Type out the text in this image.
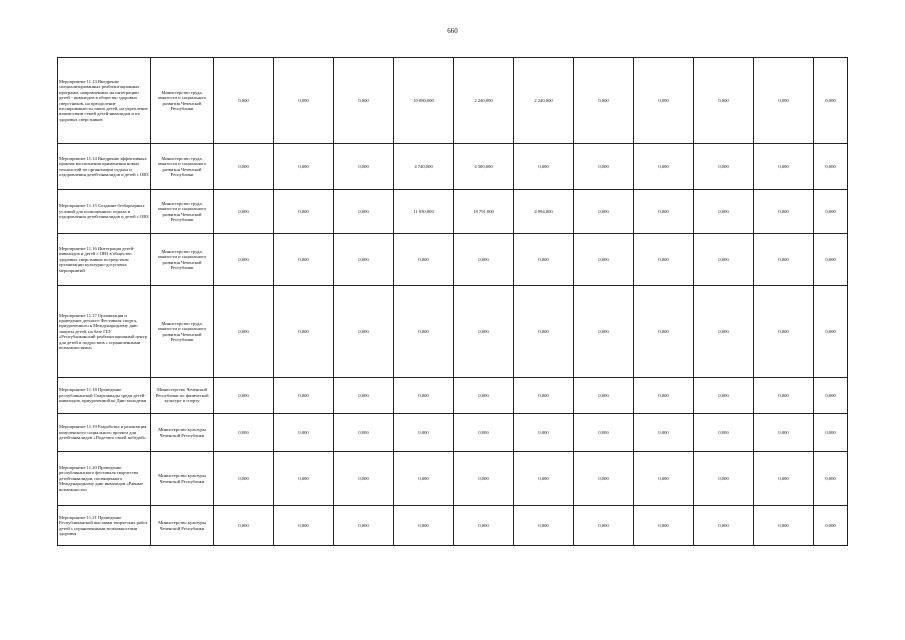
660
Мероприятие 11.13 Внедрение специализированных реабилитационных программ, направленных на интеграцию детей - инвалидов в общество здоровых сверстников, на преодоление изолированности таких детей, на укрепление взаимосвязи семей детей-инвалидов и их здоровых сверстников	Министерство труда, занятости и социального развития Чеченской Республики	0,000	0,000	0,000	10 080,000	2 240,000	2 240,000	0,000	0,000	0,000	0,000	0,000
Мероприятие 11.14 Внедрение эффективных практик восполнения применения новых технологий по организации отдыха и оздоровления детей-инвалидов и детей с ОВЗ	Министерство труда, занятости и социального развития Чеченской Республики	0,000	0,000	0,000	4 740,000	4 500,000	0,000	0,000	0,000	0,000	0,000	0,000
Мероприятие 11.15 Создание безбарьерных условий для полноценного отдыха и оздоровления детей-инвалидов и детей с ОВЗ	Министерство труда, занятости и социального развития Чеченской Республики	0,000	0,000	0,000	11 830,000	18 791,000	4 094,000	0,000	0,000	0,000	0,000	0,000
Мероприятие 11.16 Интеграция детей-инвалидов и детей с ОВЗ в общество здоровых сверстников посредством организации культурно-досуговых мероприятий	Министерство труда, занятости и социального развития Чеченской Республики	0,000	0,000	0,000	0,000	0,000	0,000	0,000	0,000	0,000	0,000	0,000
Мероприятие 11.17 Организация и проведение детского Фестиваля спорта, приуроченного к Международному дню защиты детей, на базе ГБУ «Республиканский реабилитационный центр для детей и подростков с ограниченными возможностями»	Министерство труда, занятости и социального развития Чеченской Республики	0,000	0,000	0,000	0,000	0,000	0,000	0,000	0,000	0,000	0,000	0,000
Мероприятие 11.18 Проведение республиканской Спартакиады среди детей-инвалидов, приуроченной ко Дню молодежи	Министерство Чеченской Республики по физической культуре и спорту	0,000	0,000	0,000	0,000	0,000	0,000	0,000	0,000	0,000	0,000	0,000
Мероприятие 11.19 Разработка и реализация комплексного социального проекта для детей-инвалидов «Поделись своей победой»	Министерство культуры Чеченской Республики	0,000	0,000	0,000	0,000	0,000	0,000	0,000	0,000	0,000	0,000	0,000
Мероприятие 11.20 Проведение республиканского фестиваля творчества детей-инвалидов, посвященного Международному дню инвалидов «Равные возможности»	Министерство культуры Чеченской Республики	0,000	0,000	0,000	0,000	0,000	0,000	0,000	0,000	0,000	0,000	0,000
Мероприятие 11.21 Проведение Республиканской выставки творческих работ детей с ограниченными возможностями здоровья	Министерство культуры Чеченской Республики	0,000	0,000	0,000	0,000	0,000	0,000	0,000	0,000	0,000	0,000	0,000
